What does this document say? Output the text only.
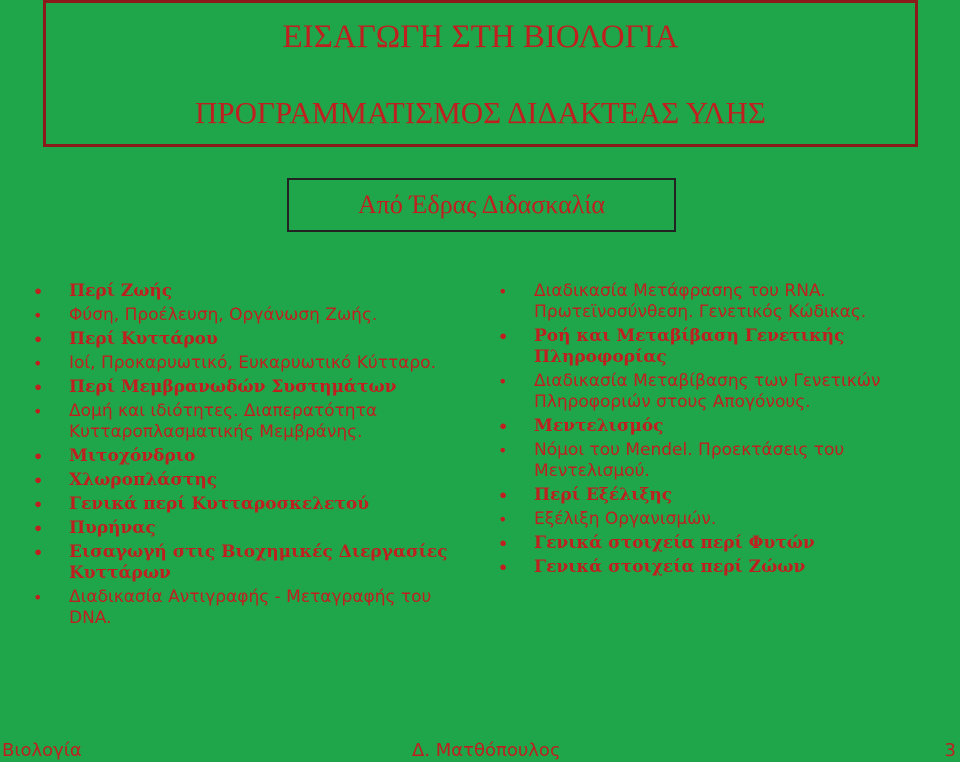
ΕΙΣΑΓΩΓΗ ΣΤΗ ΒΙΟΛΟΓΙΑ
ΠΡΟΓΡΑΜΜΑΤΙΣΜΟΣ ΔΙΔΑΚΤΕΑΣ ΥΛΗΣ
Από Έδρας Διδασκαλία
• Περί Ζωής
• Φύση, Προέλευση, Οργάνωση Ζωής.
• Περί Κυττάρου
• Ιοί, Προκαρυωτικό, Ευκαρυωτικό Κύτταρο.
• Περί Μεμβρανωδών Συστημάτων
• Δομή και ιδιότητες. Διαπερατότητα Κυτταροπλασματικής Μεμβράνης.
• Μιτοχόνδριο
• Χλωροπλάστης
• Γενικά περί Κυτταροσκελετού
• Πυρήνας
• Εισαγωγή στις Βιοχημικές Διεργασίες Κυττάρων
• Διαδικασία Αντιγραφής - Μεταγραφής του DNA.
• Διαδικασία Μετάφρασης του RNA. Πρωτεϊνοσύνθεση. Γενετικός Κώδικας.
• Ροή και Μεταβίβαση Γενετικής Πληροφορίας
• Διαδικασία Μεταβίβασης των Γενετικών Πληροφοριών στους Απογόνους.
• Μεντελισμός
• Νόμοι του Mendel. Προεκτάσεις του Μεντελισμού.
• Περί Εξέλιξης
• Εξέλιξη Οργανισμών.
• Γενικά στοιχεία περί Φυτών
• Γενικά στοιχεία περί Ζώων
Βιολογία	Δ. Ματθόπουλος	3
